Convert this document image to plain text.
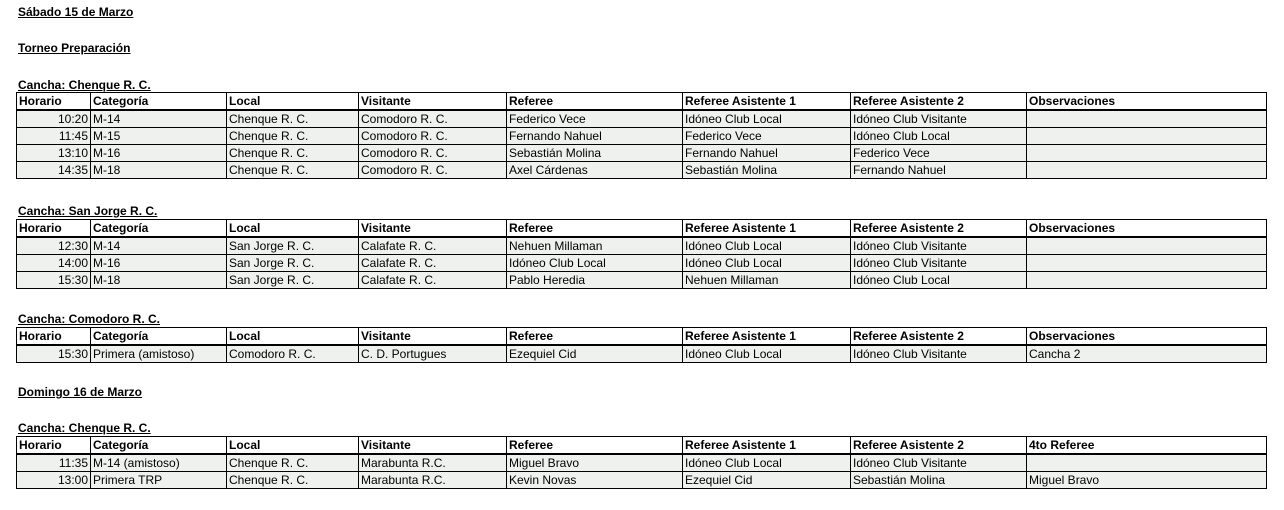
Sábado 15 de Marzo
Torneo Preparación
Cancha: Chenque R. C.
Horario	Categoría	Local	Visitante	Referee	Referee Asistente 1	Referee Asistente 2	Observaciones
10:20	M-14	Chenque R. C.	Comodoro R. C.	Federico Vece	Idóneo Club Local	Idóneo Club Visitante	
11:45	M-15	Chenque R. C.	Comodoro R. C.	Fernando Nahuel	Federico Vece	Idóneo Club Local	
13:10	M-16	Chenque R. C.	Comodoro R. C.	Sebastián Molina	Fernando Nahuel	Federico Vece	
14:35	M-18	Chenque R. C.	Comodoro R. C.	Axel Cárdenas	Sebastián Molina	Fernando Nahuel	
Cancha: San Jorge R. C.
Horario	Categoría	Local	Visitante	Referee	Referee Asistente 1	Referee Asistente 2	Observaciones
12:30	M-14	San Jorge R. C.	Calafate R. C.	Nehuen Millaman	Idóneo Club Local	Idóneo Club Visitante	
14:00	M-16	San Jorge R. C.	Calafate R. C.	Idóneo Club Local	Idóneo Club Local	Idóneo Club Visitante	
15:30	M-18	San Jorge R. C.	Calafate R. C.	Pablo Heredia	Nehuen Millaman	Idóneo Club Local	
Cancha: Comodoro R. C.
Horario	Categoría	Local	Visitante	Referee	Referee Asistente 1	Referee Asistente 2	Observaciones
15:30	Primera (amistoso)	Comodoro R. C.	C. D. Portugues	Ezequiel Cid	Idóneo Club Local	Idóneo Club Visitante	Cancha 2
Domingo 16 de Marzo
Cancha: Chenque R. C.
Horario	Categoría	Local	Visitante	Referee	Referee Asistente 1	Referee Asistente 2	4to Referee
11:35	M-14 (amistoso)	Chenque R. C.	Marabunta R.C.	Miguel Bravo	Idóneo Club Local	Idóneo Club Visitante	
13:00	Primera TRP	Chenque R. C.	Marabunta R.C.	Kevin Novas	Ezequiel Cid	Sebastián Molina	Miguel Bravo
